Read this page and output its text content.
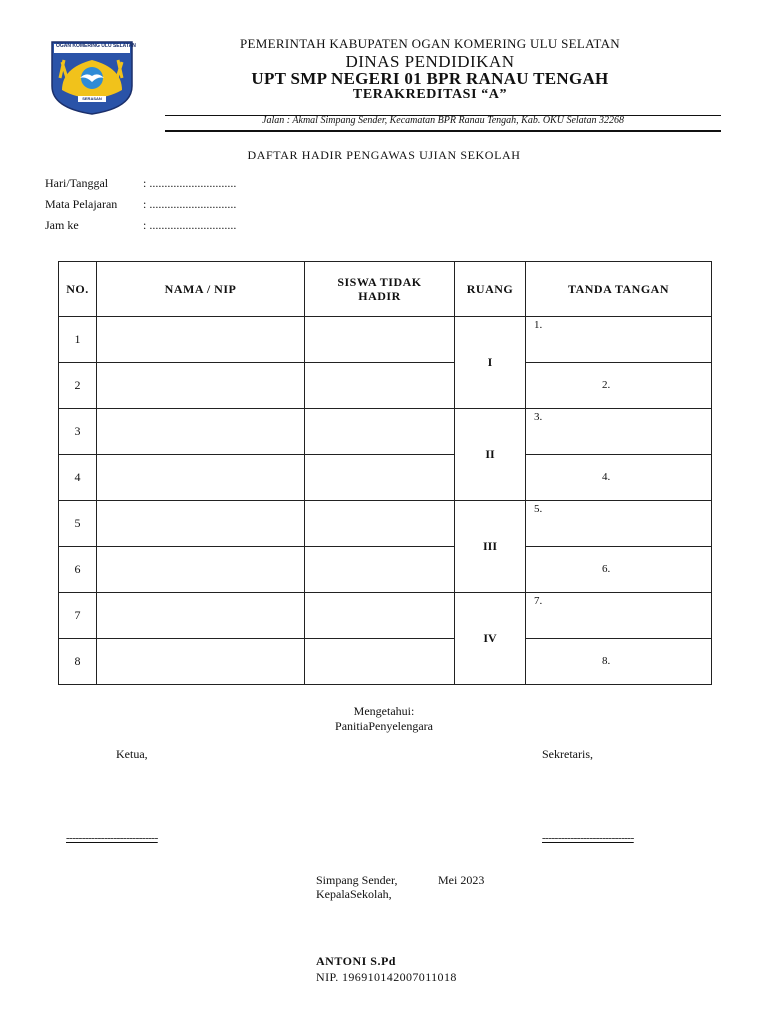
OGAN KOMERING ULU SELATAN
SERASAN
PEMERINTAH KABUPATEN OGAN KOMERING ULU SELATAN
DINAS PENDIDIKAN
UPT SMP NEGERI 01 BPR RANAU TENGAH
TERAKREDITASI “A”
Jalan : Akmal Simpang Sender, Kecamatan BPR Ranau Tengah, Kab. OKU Selatan 32268
DAFTAR HADIR PENGAWAS UJIAN SEKOLAH
Hari/Tanggal	: .............................
Mata Pelajaran : .............................
Jam ke	: .............................
NO.	NAMA / NIP	SISWA TIDAK HADIR	RUANG	TANDA TANGAN
1			I	1.

2				2.

3			II	3.

4				4.

5			III	5.

6				6.

7			IV	7.

8				8.
Mengetahui:
PanitiaPenyelengara
Ketua,	Sekretaris,
-----------------------------	-----------------------------
Simpang Sender,	Mei 2023
KepalaSekolah,
ANTONI S.Pd
NIP. 196910142007011018
